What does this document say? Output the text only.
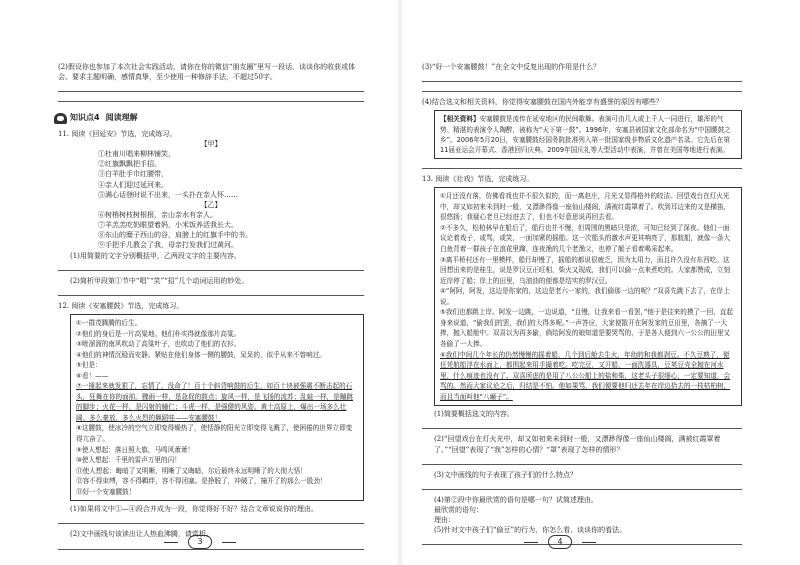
(2)假设你也参加了本次社会实践活动，请你在你的微信“朋友圈”里写一段话，谈谈你的收获或体会。要求主题明确，感情真挚，至少使用一种修辞手法，不超过50字。

知识点4 阅读理解

11. 阅读《回延安》节选，完成练习。

【甲】

①杜甫川唱来柳林铺笑，

②红旗飘飘把手招。

③白羊肚手巾红腰带，

④亲人们迎过延河来。

⑤满心话登时说不出来，一头扑在亲人怀……

【乙】

⑥树梢树枝树根根，亲山亲水有亲人。

⑦羊羔羔吃奶眼望着妈，小米饭养活我长大。

⑧东山的糜子西山的谷，肩膀上的红旗手中的书。

⑨手把手儿教会了我，母亲打发我们过黄河。

(1)用简要的文字分别概括甲，乙两段文字的主要内容。

(2)简析甲段第①节中“唱”“笑”“招”几个动词运用的妙处。

12. 阅读《安塞腰鼓》节选，完成练习。

①一群茂腾腾的后生。

②他们的身后是一片高粱地。他们朴实得就像那片高粱。

③咝溜溜的南风吹动了高粱叶子，也吹动了他们的衣衫。

④他们的神情沉稳而安静。紧贴在他们身体一侧的腰鼓，呆呆的，似乎从来不曾响过。

⑤但是：

⑥看！——

⑦一捶起来就发狠了，忘情了，没命了！百十个斜背响鼓的后生，如百十块被强震不断击起的石头，狂舞在你的面前。骤雨一样，是急促的鼓点；旋风一样，是飞扬的流苏；乱蛙一样，是蹦跳的脚步；火花一样，是闪射的瞳仁；斗虎一样，是强健的风姿。黄土高原上，爆出一场多么壮阔、多么豪放、多么火烈的舞蹈哇——安塞腰鼓！

⑧这腰鼓，使冰冷的空气立即变得燥热了，使恬静的阳光立即变得飞溅了，使困倦的世界立即变得亢奋了。

⑨使人想起：落日照大旗，马鸣风萧萧！

⑩使人想起：千里的雷声万里的闪！

⑪使人想起：晦暗了又明晰，明晰了又晦暗，尔后最终永远明晰了的大彻大悟！

⑫容不得束缚，容不得羁绊，容不得闭塞。是挣脱了，冲破了，撞开了的那么一股劲！

⑬好一个安塞腰鼓！

(1)如果将文中①—④段合并成为一段，你觉得好不好？结合文章说说你的理由。

(2)文中画线句该读出让人热血沸腾，请赏析。

3

(3)“好一个安塞腰鼓！”在全文中反复出现的作用是什么？

(4)结合选文和相关资料，你觉得安塞腰鼓在国内外能享有盛誉的原因有哪些？

【相关资料】安塞腰鼓是流传在延安地区的民间歌舞。表演可由几人或上千人一同进行，雄浑的气势、精湛的表演令人陶醉，被称为“天下第一鼓”。1996年，安塞县被国家文化部命名为“中国腰鼓之乡”。2006年5月20日，安塞腰鼓经国务院批准列入第一批国家级非物质文化遗产名录。它先后在第11届亚运会开幕式、香港回归庆典、2009年国庆礼等大型活动中表演，并曾在美国等地进行表演。

13. 阅读《社戏》节选，完成练习。

①月还没有落，仿佛看戏也并不很久似的，而一离赵庄，月光又显得格外的皎洁。回望戏台在灯火光中，却又如初来未到时一般，又漂渺得像一座仙山楼阁，满被红霞罩着了。吹到耳边来的又是横笛，很悠扬；我疑心老旦已经进去了，但也不好意思说再回去看。

②不多久，松柏林早在船后了，船行也并不慢，但周围的黑暗只是浓，可知已经到了深夜。他们一面议论着戏子，或骂，或笑，一面加紧的摇船。这一次船头的激水声更其响亮了，那航船，就像一条大白鱼背着一群孩子在浪花里蹿，连夜渔的几个老渔父，也停了艇子看着喝采起来。

③离平桥村还有一里模样，船行却慢了，摇船的都说很疲乏，因为太用力，而且许久没有东西吃。这回想出来的是桂生，说是罗汉豆正旺相，柴火又现成，我们可以偷一点来煮吃的。大家都赞成，立刻近岸停了船；岸上的田里，乌油油的便都是结实的罗汉豆。

④“阿阿，阿发，这边是你家的，这边是老六一家的，我们偷那一边的呢？”双喜先跳下去了，在岸上说。

⑤我们也都跳上岸。阿发一边跳，一边说道，“且慢，让我来看一看罢，”他于是往来的摸了一回，直起身来说道，“偷我们的罢，我们的大得多呢。”一声答应，大家便散开在阿发家的豆田里，各摘了一大捧，抛入船舱中。双喜以为再多偷，倘给阿发的娘知道是要哭骂的，于是各人便到六一公公的田里又各偷了一大捧。

⑥我们中间几个年长的仍然慢慢的摇着船，几个到后舱去生火，年幼的和我都剥豆。不久豆熟了，便任凭航船浮在水面上，都围起来用手撮着吃。吃完豆，又开船，一面洗器具，豆荚豆壳全抛在河水里，什么痕迹也没有了。双喜所虑的是用了八公公船上的盐和柴，这老头子很细心，一定要知道，会骂的。然而大家议论之后，归结是不怕。他如果骂，我们便要他归还去年在岸边拾去的一枝枯桕树，而且当面叫他“八癞子”。

(1)简要概括选文的内容。

(2)“回望戏台在灯火光中，却又如初来未到时一般，又漂渺得像一座仙山楼阁，满被红霞罩着了。”“回望”表现了“我”怎样的心情？“罩”表现了怎样的情形？

(3)文中画线的句子表现了孩子们的什么特点？

(4)第②段中你最欣赏的语句是哪一句？试简述理由。

最欣赏的语句：

理由：

(5)针对文中孩子们“偷豆”的行为，你怎么看，谈谈你的看法。

4
